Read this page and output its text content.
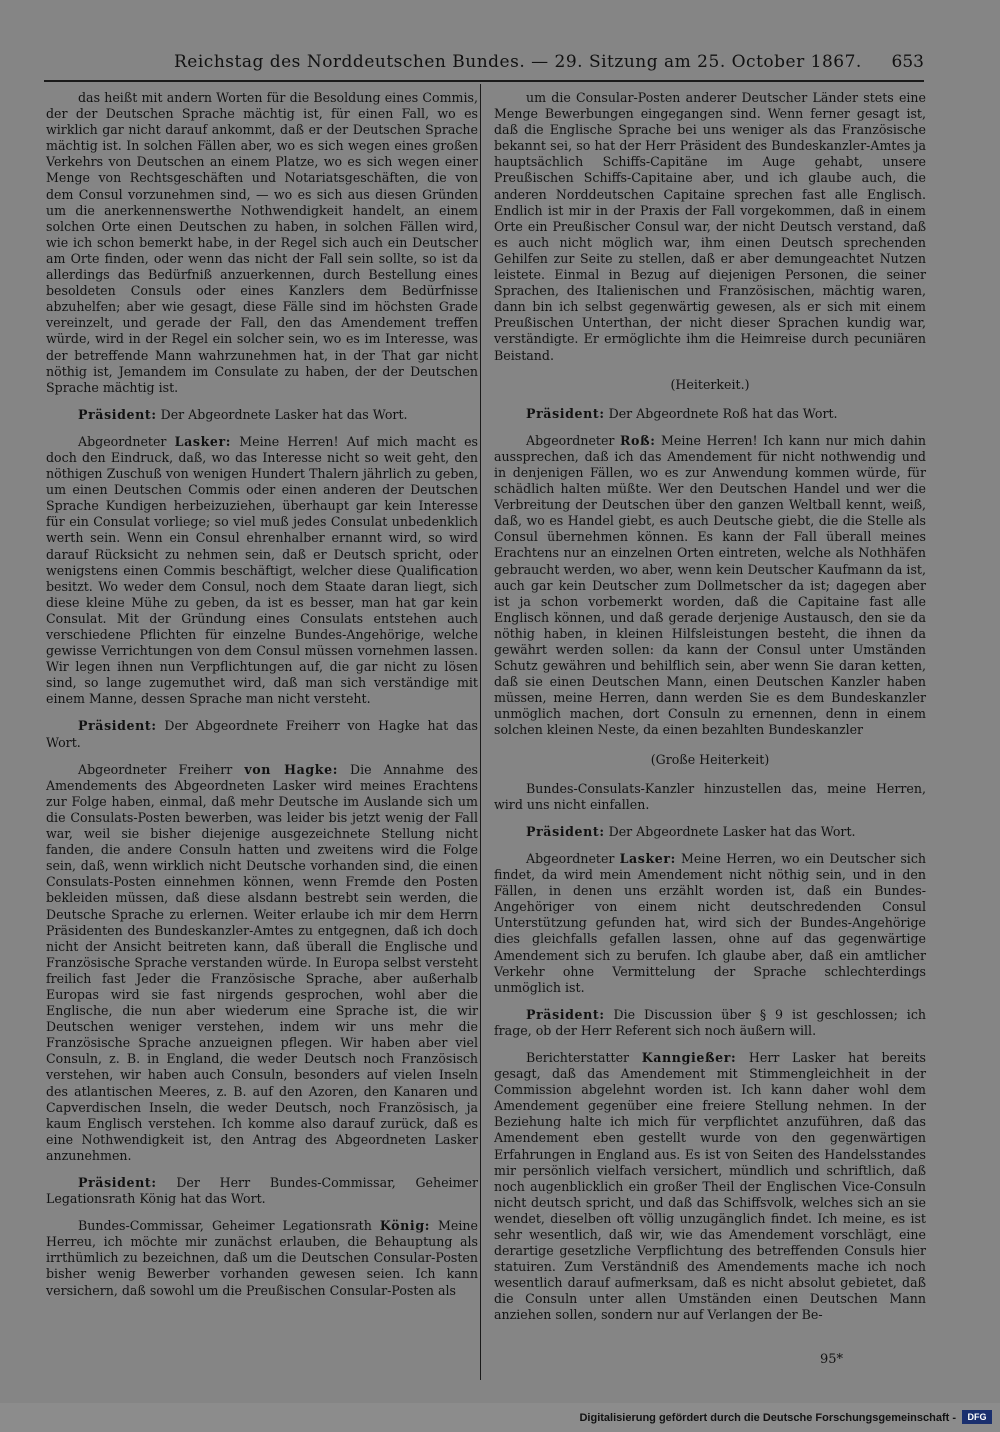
Reichstag des Norddeutschen Bundes. — 29. Sitzung am 25. October 1867. 653

das heißt mit andern Worten für die Besoldung eines Commis, der der Deutschen Sprache mächtig ist, für einen Fall, wo es wirklich gar nicht darauf ankommt, daß er der Deutschen Sprache mächtig ist. In solchen Fällen aber, wo es sich wegen eines großen Verkehrs von Deutschen an einem Platze, wo es sich wegen einer Menge von Rechtsgeschäften und Notariatsgeschäften, die von dem Consul vorzunehmen sind, — wo es sich aus diesen Gründen um die anerkennenswerthe Nothwendigkeit handelt, an einem solchen Orte einen Deutschen zu haben, in solchen Fällen wird, wie ich schon bemerkt habe, in der Regel sich auch ein Deutscher am Orte finden, oder wenn das nicht der Fall sein sollte, so ist da allerdings das Bedürfniß anzuerkennen, durch Bestellung eines besoldeten Consuls oder eines Kanzlers dem Bedürfnisse abzuhelfen; aber wie gesagt, diese Fälle sind im höchsten Grade vereinzelt, und gerade der Fall, den das Amendement treffen würde, wird in der Regel ein solcher sein, wo es im Interesse, was der betreffende Mann wahrzunehmen hat, in der That gar nicht nöthig ist, Jemandem im Consulate zu haben, der der Deutschen Sprache mächtig ist.

Präsident: Der Abgeordnete Lasker hat das Wort.

Abgeordneter Lasker: Meine Herren! Auf mich macht es doch den Eindruck, daß, wo das Interesse nicht so weit geht, den nöthigen Zuschuß von wenigen Hundert Thalern jährlich zu geben, um einen Deutschen Commis oder einen anderen der Deutschen Sprache Kundigen herbeizuziehen, überhaupt gar kein Interesse für ein Consulat vorliege; so viel muß jedes Consulat unbedenklich werth sein. Wenn ein Consul ehrenhalber ernannt wird, so wird darauf Rücksicht zu nehmen sein, daß er Deutsch spricht, oder wenigstens einen Commis beschäftigt, welcher diese Qualification besitzt. Wo weder dem Consul, noch dem Staate daran liegt, sich diese kleine Mühe zu geben, da ist es besser, man hat gar kein Consulat. Mit der Gründung eines Consulats entstehen auch verschiedene Pflichten für einzelne Bundes-Angehörige, welche gewisse Verrichtungen von dem Consul müssen vornehmen lassen. Wir legen ihnen nun Verpflichtungen auf, die gar nicht zu lösen sind, so lange zugemuthet wird, daß man sich verständige mit einem Manne, dessen Sprache man nicht versteht.

Präsident: Der Abgeordnete Freiherr von Hagke hat das Wort.

Abgeordneter Freiherr von Hagke: Die Annahme des Amendements des Abgeordneten Lasker wird meines Erachtens zur Folge haben, einmal, daß mehr Deutsche im Auslande sich um die Consulats-Posten bewerben, was leider bis jetzt wenig der Fall war, weil sie bisher diejenige ausgezeichnete Stellung nicht fanden, die andere Consuln hatten und zweitens wird die Folge sein, daß, wenn wirklich nicht Deutsche vorhanden sind, die einen Consulats-Posten einnehmen können, wenn Fremde den Posten bekleiden müssen, daß diese alsdann bestrebt sein werden, die Deutsche Sprache zu erlernen. Weiter erlaube ich mir dem Herrn Präsidenten des Bundeskanzler-Amtes zu entgegnen, daß ich doch nicht der Ansicht beitreten kann, daß überall die Englische und Französische Sprache verstanden würde. In Europa selbst versteht freilich fast Jeder die Französische Sprache, aber außerhalb Europas wird sie fast nirgends gesprochen, wohl aber die Englische, die nun aber wiederum eine Sprache ist, die wir Deutschen weniger verstehen, indem wir uns mehr die Französische Sprache anzueignen pflegen. Wir haben aber viel Consuln, z. B. in England, die weder Deutsch noch Französisch verstehen, wir haben auch Consuln, besonders auf vielen Inseln des atlantischen Meeres, z. B. auf den Azoren, den Kanaren und Capverdischen Inseln, die weder Deutsch, noch Französisch, ja kaum Englisch verstehen. Ich komme also darauf zurück, daß es eine Nothwendigkeit ist, den Antrag des Abgeordneten Lasker anzunehmen.

Präsident: Der Herr Bundes-Commissar, Geheimer Legationsrath König hat das Wort.

Bundes-Commissar, Geheimer Legationsrath König: Meine Herreu, ich möchte mir zunächst erlauben, die Behauptung als irrthümlich zu bezeichnen, daß um die Deutschen Consular-Posten bisher wenig Bewerber vorhanden gewesen seien. Ich kann versichern, daß sowohl um die Preußischen Consular-Posten als

um die Consular-Posten anderer Deutscher Länder stets eine Menge Bewerbungen eingegangen sind. Wenn ferner gesagt ist, daß die Englische Sprache bei uns weniger als das Französische bekannt sei, so hat der Herr Präsident des Bundeskanzler-Amtes ja hauptsächlich Schiffs-Capitäne im Auge gehabt, unsere Preußischen Schiffs-Capitaine aber, und ich glaube auch, die anderen Norddeutschen Capitaine sprechen fast alle Englisch. Endlich ist mir in der Praxis der Fall vorgekommen, daß in einem Orte ein Preußischer Consul war, der nicht Deutsch verstand, daß es auch nicht möglich war, ihm einen Deutsch sprechenden Gehilfen zur Seite zu stellen, daß er aber demungeachtet Nutzen leistete. Einmal in Bezug auf diejenigen Personen, die seiner Sprachen, des Italienischen und Französischen, mächtig waren, dann bin ich selbst gegenwärtig gewesen, als er sich mit einem Preußischen Unterthan, der nicht dieser Sprachen kundig war, verständigte. Er ermöglichte ihm die Heimreise durch pecuniären Beistand.

(Heiterkeit.)

Präsident: Der Abgeordnete Roß hat das Wort.

Abgeordneter Roß: Meine Herren! Ich kann nur mich dahin aussprechen, daß ich das Amendement für nicht nothwendig und in denjenigen Fällen, wo es zur Anwendung kommen würde, für schädlich halten müßte. Wer den Deutschen Handel und wer die Verbreitung der Deutschen über den ganzen Weltball kennt, weiß, daß, wo es Handel giebt, es auch Deutsche giebt, die die Stelle als Consul übernehmen können. Es kann der Fall überall meines Erachtens nur an einzelnen Orten eintreten, welche als Nothhäfen gebraucht werden, wo aber, wenn kein Deutscher Kaufmann da ist, auch gar kein Deutscher zum Dollmetscher da ist; dagegen aber ist ja schon vorbemerkt worden, daß die Capitaine fast alle Englisch können, und daß gerade derjenige Austausch, den sie da nöthig haben, in kleinen Hilfsleistungen besteht, die ihnen da gewährt werden sollen: da kann der Consul unter Umständen Schutz gewähren und behilflich sein, aber wenn Sie daran ketten, daß sie einen Deutschen Mann, einen Deutschen Kanzler haben müssen, meine Herren, dann werden Sie es dem Bundeskanzler unmöglich machen, dort Consuln zu ernennen, denn in einem solchen kleinen Neste, da einen bezahlten Bundeskanzler

(Große Heiterkeit)

Bundes-Consulats-Kanzler hinzustellen das, meine Herren, wird uns nicht einfallen.

Präsident: Der Abgeordnete Lasker hat das Wort.

Abgeordneter Lasker: Meine Herren, wo ein Deutscher sich findet, da wird mein Amendement nicht nöthig sein, und in den Fällen, in denen uns erzählt worden ist, daß ein Bundes-Angehöriger von einem nicht deutschredenden Consul Unterstützung gefunden hat, wird sich der Bundes-Angehörige dies gleichfalls gefallen lassen, ohne auf das gegenwärtige Amendement sich zu berufen. Ich glaube aber, daß ein amtlicher Verkehr ohne Vermittelung der Sprache schlechterdings unmöglich ist.

Präsident: Die Discussion über § 9 ist geschlossen; ich frage, ob der Herr Referent sich noch äußern will.

Berichterstatter Kanngießer: Herr Lasker hat bereits gesagt, daß das Amendement mit Stimmengleichheit in der Commission abgelehnt worden ist. Ich kann daher wohl dem Amendement gegenüber eine freiere Stellung nehmen. In der Beziehung halte ich mich für verpflichtet anzuführen, daß das Amendement eben gestellt wurde von den gegenwärtigen Erfahrungen in England aus. Es ist von Seiten des Handelsstandes mir persönlich vielfach versichert, mündlich und schriftlich, daß noch augenblicklich ein großer Theil der Englischen Vice-Consuln nicht deutsch spricht, und daß das Schiffsvolk, welches sich an sie wendet, dieselben oft völlig unzugänglich findet. Ich meine, es ist sehr wesentlich, daß wir, wie das Amendement vorschlägt, eine derartige gesetzliche Verpflichtung des betreffenden Consuls hier statuiren. Zum Verständniß des Amendements mache ich noch wesentlich darauf aufmerksam, daß es nicht absolut gebietet, daß die Consuln unter allen Umständen einen Deutschen Mann anziehen sollen, sondern nur auf Verlangen der Be-

95*
Digitalisierung gefördert durch die Deutsche Forschungsgemeinschaft -	DFG
